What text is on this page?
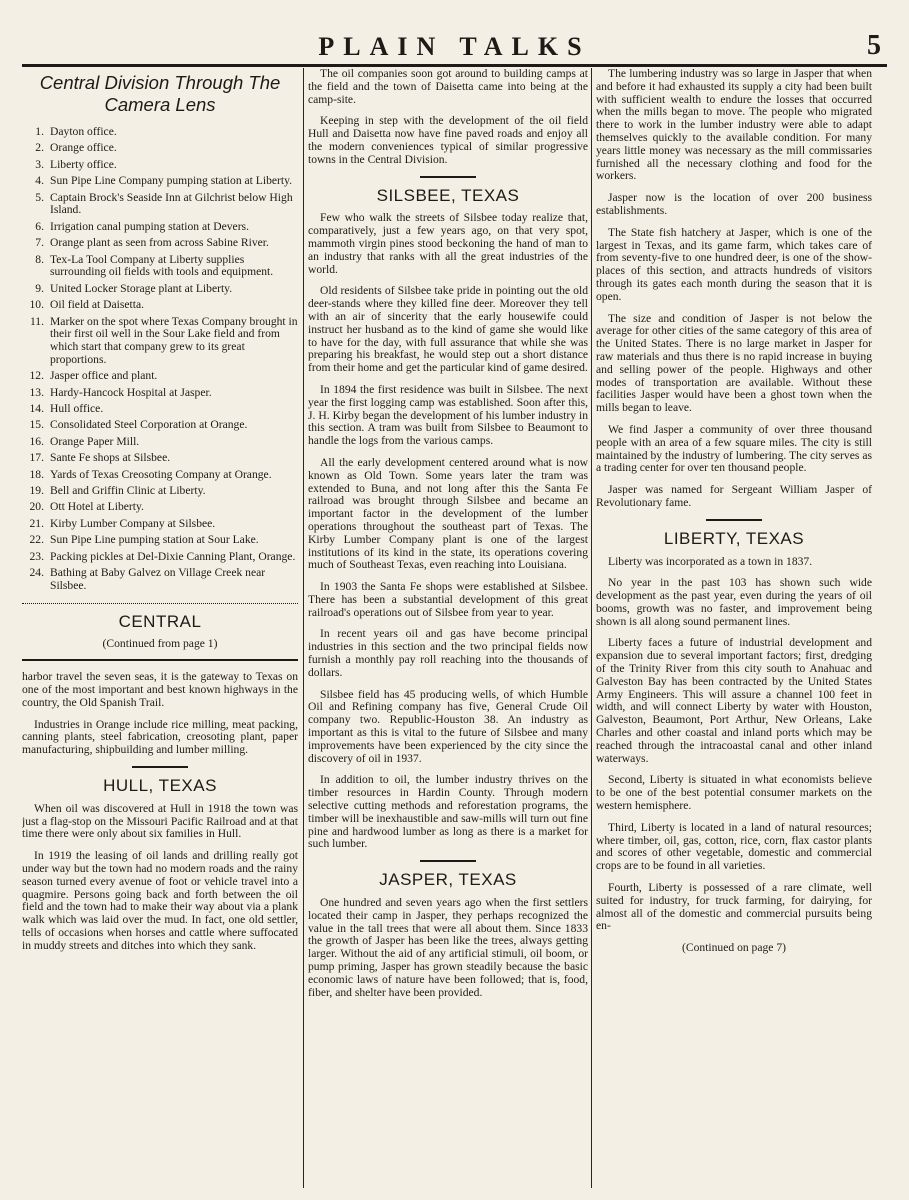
PLAIN TALKS	5
Central Division Through The Camera Lens
1. Dayton office.
2. Orange office.
3. Liberty office.
4. Sun Pipe Line Company pumping station at Liberty.
5. Captain Brock's Seaside Inn at Gilchrist below High Island.
6. Irrigation canal pumping station at Devers.
7. Orange plant as seen from across Sabine River.
8. Tex-La Tool Company at Liberty supplies surrounding oil fields with tools and equipment.
9. United Locker Storage plant at Liberty.
10. Oil field at Daisetta.
11. Marker on the spot where Texas Company brought in their first oil well in the Sour Lake field and from which start that company grew to its great proportions.
12. Jasper office and plant.
13. Hardy-Hancock Hospital at Jasper.
14. Hull office.
15. Consolidated Steel Corporation at Orange.
16. Orange Paper Mill.
17. Sante Fe shops at Silsbee.
18. Yards of Texas Creosoting Company at Orange.
19. Bell and Griffin Clinic at Liberty.
20. Ott Hotel at Liberty.
21. Kirby Lumber Company at Silsbee.
22. Sun Pipe Line pumping station at Sour Lake.
23. Packing pickles at Del-Dixie Canning Plant, Orange.
24. Bathing at Baby Galvez on Village Creek near Silsbee.
CENTRAL
(Continued from page 1)

harbor travel the seven seas, it is the gateway to Texas on one of the most important and best known highways in the country, the Old Spanish Trail.

Industries in Orange include rice milling, meat packing, canning plants, steel fabrication, creosoting plant, paper manufacturing, shipbuilding and lumber milling.

HULL, TEXAS

When oil was discovered at Hull in 1918 the town was just a flag-stop on the Missouri Pacific Railroad and at that time there were only about six families in Hull.

In 1919 the leasing of oil lands and drilling really got under way but the town had no modern roads and the rainy season turned every avenue of foot or vehicle travel into a quagmire. Persons going back and forth between the oil field and the town had to make their way about via a plank walk which was laid over the mud. In fact, one old settler, tells of occasions when horses and cattle where suffocated in muddy streets and ditches into which they sank.

The oil companies soon got around to building camps at the field and the town of Daisetta came into being at the camp-site.

Keeping in step with the development of the oil field Hull and Daisetta now have fine paved roads and enjoy all the modern conveniences typical of similar progressive towns in the Central Division.

SILSBEE, TEXAS

Few who walk the streets of Silsbee today realize that, comparatively, just a few years ago, on that very spot, mammoth virgin pines stood beckoning the hand of man to an industry that ranks with all the great industries of the world.

Old residents of Silsbee take pride in pointing out the old deer-stands where they killed fine deer. Moreover they tell with an air of sincerity that the early housewife could instruct her husband as to the kind of game she would like to have for the day, with full assurance that while she was preparing his breakfast, he would step out a short distance from their home and get the particular kind of game desired.

In 1894 the first residence was built in Silsbee. The next year the first logging camp was established. Soon after this, J. H. Kirby began the development of his lumber industry in this section. A tram was built from Silsbee to Beaumont to handle the logs from the various camps.

All the early development centered around what is now known as Old Town. Some years later the tram was extended to Buna, and not long after this the Santa Fe railroad was brought through Silsbee and became an important factor in the development of the lumber operations throughout the southeast part of Texas. The Kirby Lumber Company plant is one of the largest institutions of its kind in the state, its operations covering much of Southeast Texas, even reaching into Louisiana.

In 1903 the Santa Fe shops were established at Silsbee. There has been a substantial development of this great railroad's operations out of Silsbee from year to year.

In recent years oil and gas have become principal industries in this section and the two principal fields now furnish a monthly pay roll reaching into the thousands of dollars.

Silsbee field has 45 producing wells, of which Humble Oil and Refining company has five, General Crude Oil company two. Republic-Houston 38. An industry as important as this is vital to the future of Silsbee and many improvements have been experienced by the city since the discovery of oil in 1937.

In addition to oil, the lumber industry thrives on the timber resources in Hardin County. Through modern selective cutting methods and reforestation programs, the timber will be inexhaustible and saw-mills will turn out fine pine and hardwood lumber as long as there is a market for such lumber.

JASPER, TEXAS

One hundred and seven years ago when the first settlers located their camp in Jasper, they perhaps recognized the value in the tall trees that were all about them. Since 1833 the growth of Jasper has been like the trees, always getting larger. Without the aid of any artificial stimuli, oil boom, or pump priming, Jasper has grown steadily because the basic economic laws of nature have been followed; that is, food, fiber, and shelter have been provided.

The lumbering industry was so large in Jasper that when and before it had exhausted its supply a city had been built with sufficient wealth to endure the losses that occurred when the mills began to move. The people who migrated there to work in the lumber industry were able to adapt themselves quickly to the available condition. For many years little money was necessary as the mill commissaries furnished all the necessary clothing and food for the workers.

Jasper now is the location of over 200 business establishments.

The State fish hatchery at Jasper, which is one of the largest in Texas, and its game farm, which takes care of from seventy-five to one hundred deer, is one of the show-places of this section, and attracts hundreds of visitors through its gates each month during the season that it is open.

The size and condition of Jasper is not below the average for other cities of the same category of this area of the United States. There is no large market in Jasper for raw materials and thus there is no rapid increase in buying and selling power of the people. Highways and other modes of transportation are available. Without these facilities Jasper would have been a ghost town when the mills began to leave.

We find Jasper a community of over three thousand people with an area of a few square miles. The city is still maintained by the industry of lumbering. The city serves as a trading center for over ten thousand people.

Jasper was named for Sergeant William Jasper of Revolutionary fame.

LIBERTY, TEXAS

Liberty was incorporated as a town in 1837.

No year in the past 103 has shown such wide development as the past year, even during the years of oil booms, growth was no faster, and improvement being shown is all along sound permanent lines.

Liberty faces a future of industrial development and expansion due to several important factors; first, dredging of the Trinity River from this city south to Anahuac and Galveston Bay has been contracted by the United States Army Engineers. This will assure a channel 100 feet in width, and will connect Liberty by water with Houston, Galveston, Beaumont, Port Arthur, New Orleans, Lake Charles and other coastal and inland ports which may be reached through the intracoastal canal and other inland waterways.

Second, Liberty is situated in what economists believe to be one of the best potential consumer markets on the western hemisphere.

Third, Liberty is located in a land of natural resources; where timber, oil, gas, cotton, rice, corn, flax castor plants and scores of other vegetable, domestic and commercial crops are to be found in all varieties.

Fourth, Liberty is possessed of a rare climate, well suited for industry, for truck farming, for dairying, for almost all of the domestic and commercial pursuits being en-

(Continued on page 7)
